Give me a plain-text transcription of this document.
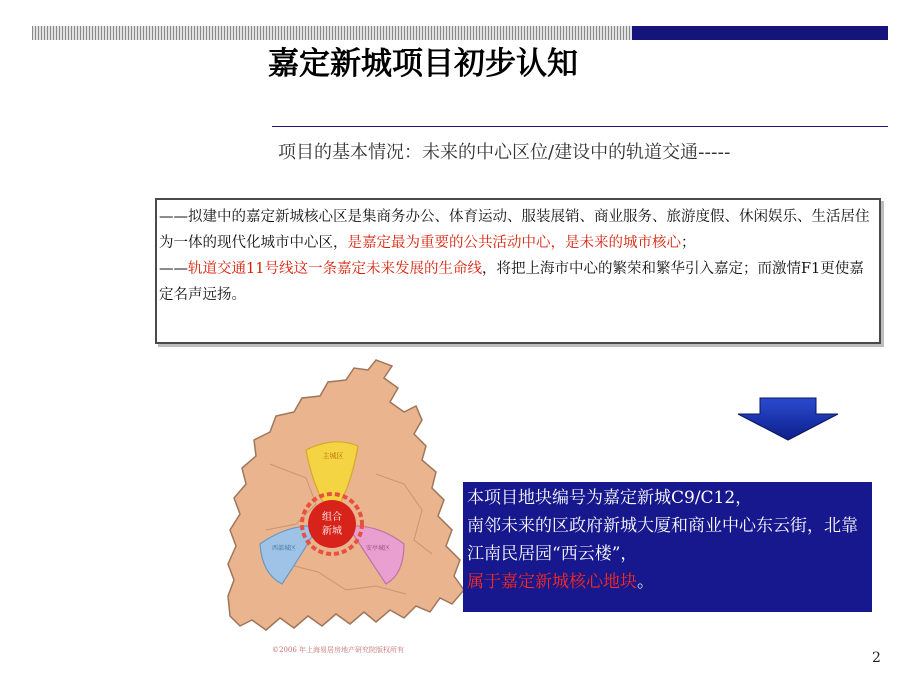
嘉定新城项目初步认知
项目的基本情况：未来的中心区位/建设中的轨道交通-----

——拟建中的嘉定新城核心区是集商务办公、体育运动、服装展销、商业服务、旅游度假、休闲娱乐、生活居住为一体的现代化城市中心区，是嘉定最为重要的公共活动中心，是未来的城市核心；

——轨道交通11号线这一条嘉定未来发展的生命线，将把上海市中心的繁荣和繁华引入嘉定；而激情F1更使嘉定名声远扬。

组合
新城
主城区
西部城区	安亭城区

本项目地块编号为嘉定新城C9/C12，

南邻未来的区政府新城大厦和商业中心东云街，北靠江南民居园“西云楼”，

属于嘉定新城核心地块。

©2006 年上海易居房地产研究院版权所有	2
